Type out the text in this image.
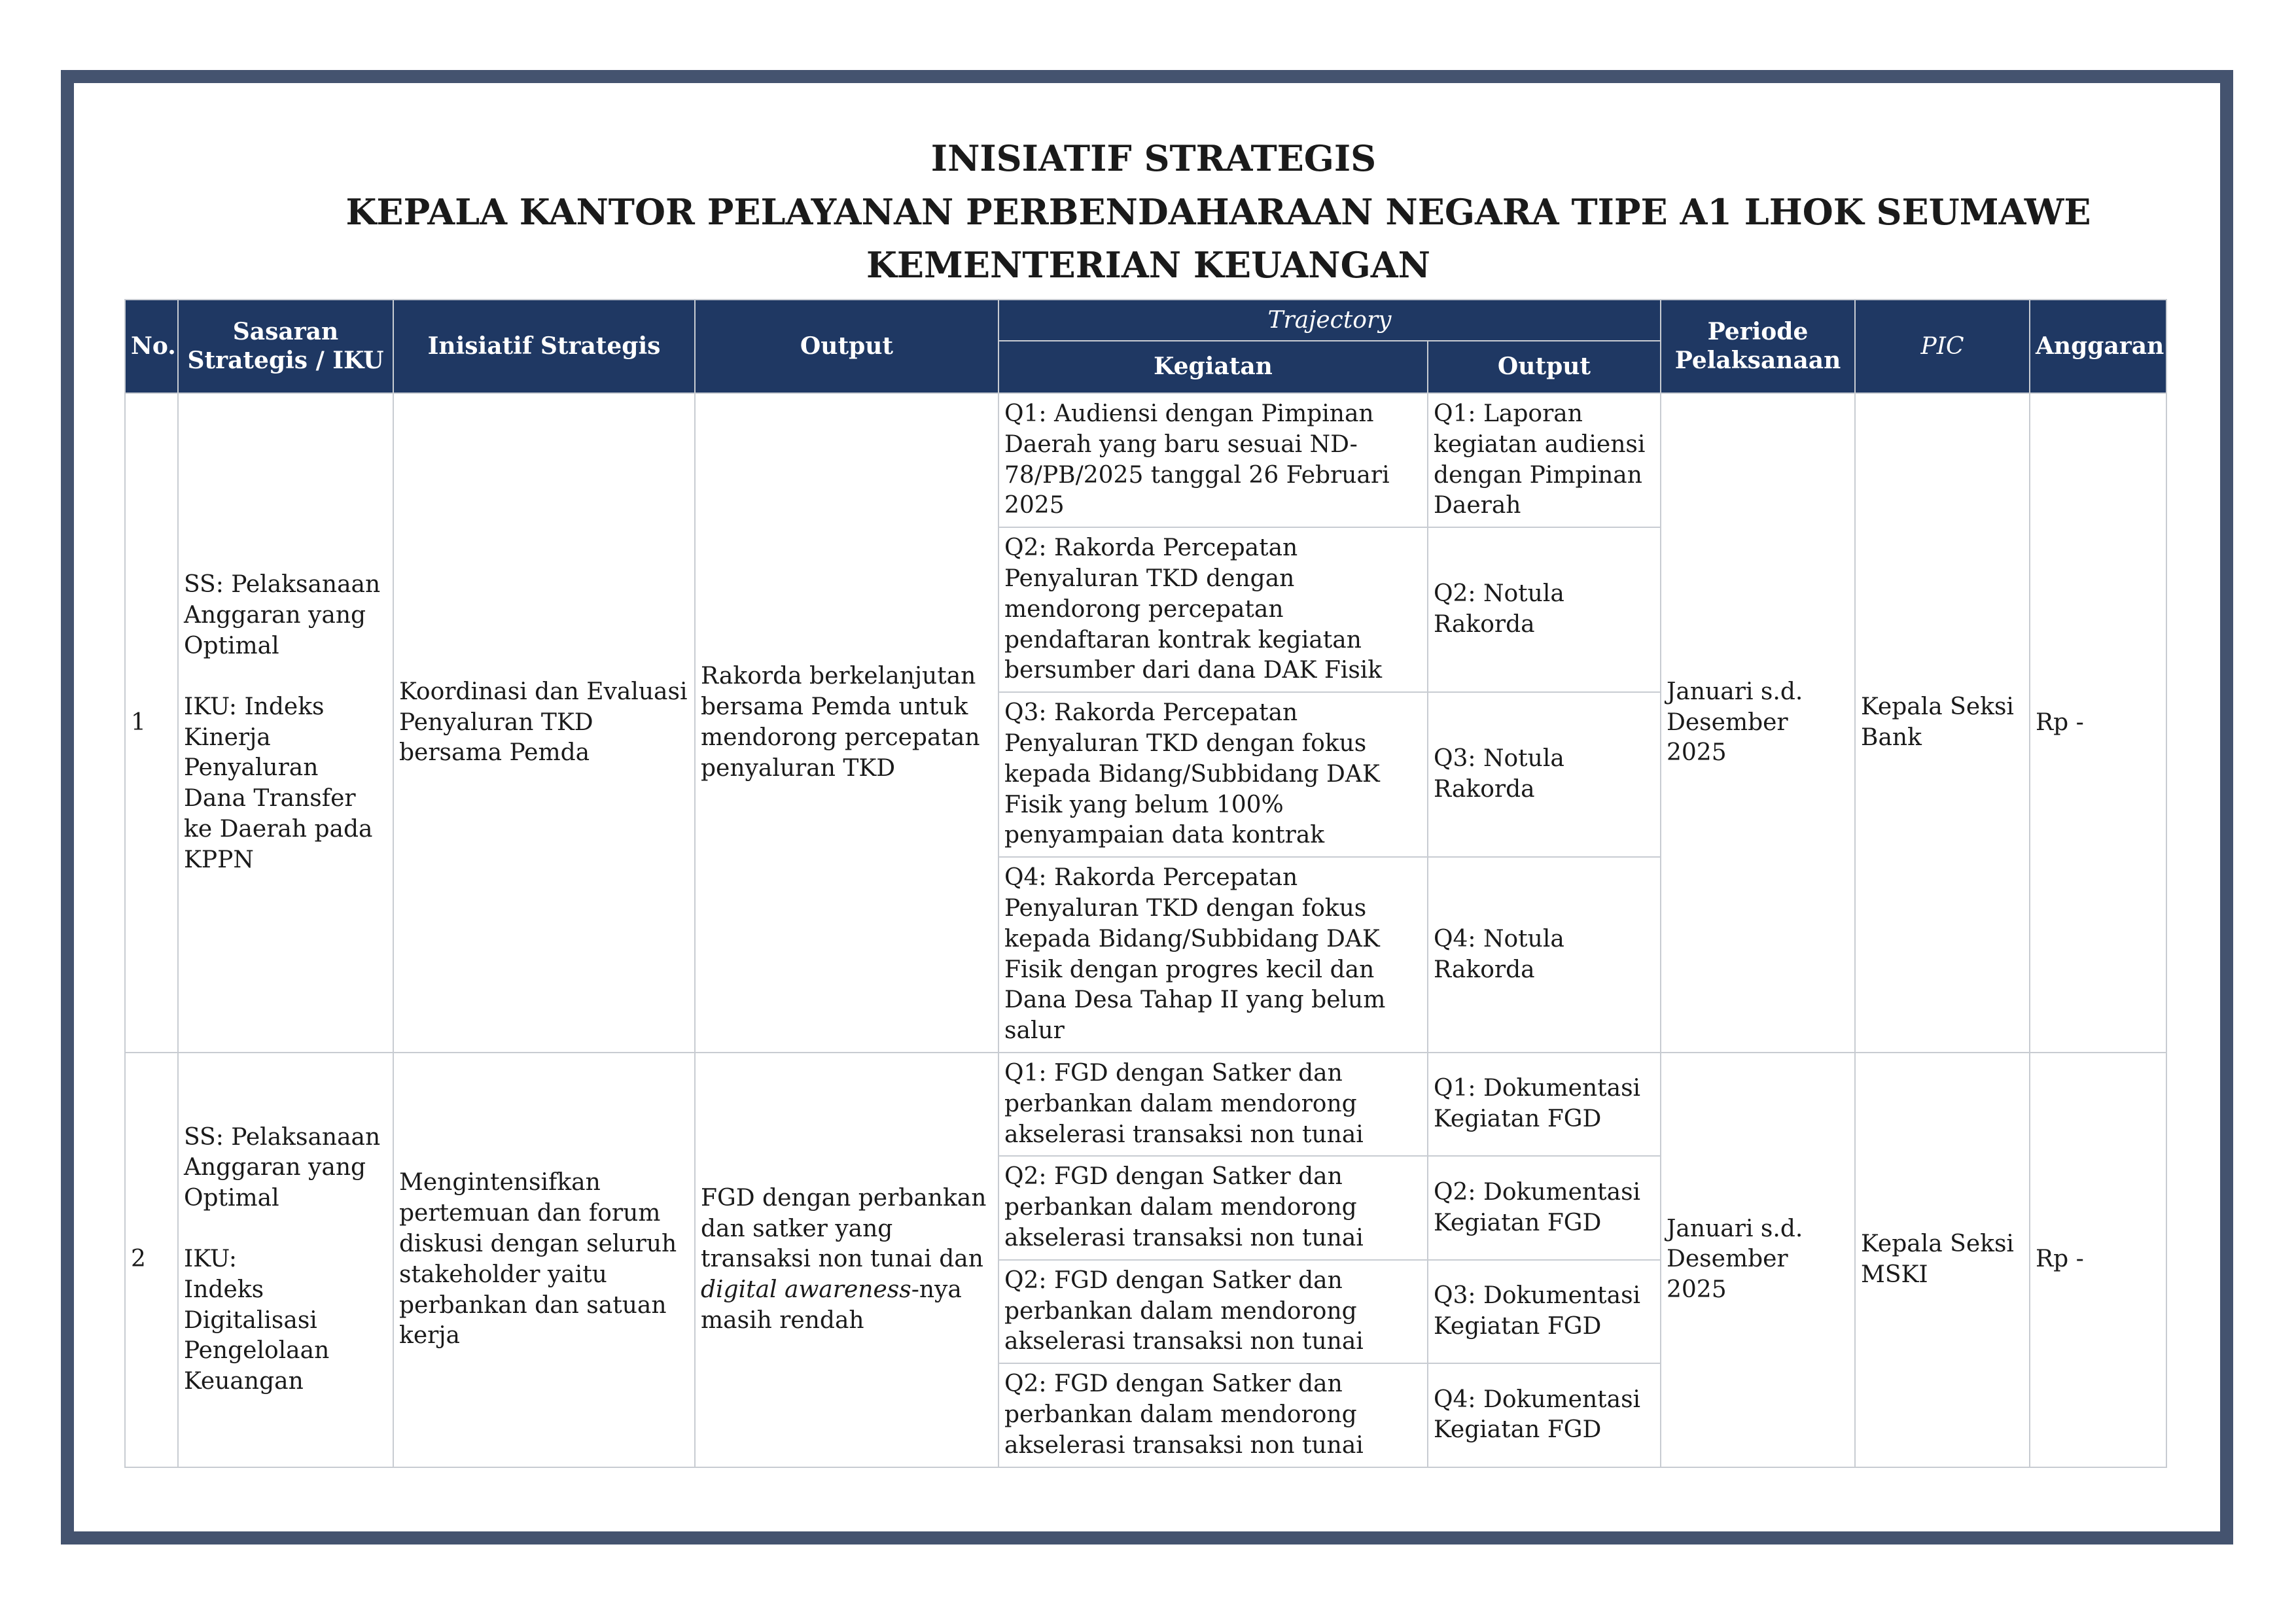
INISIATIF STRATEGIS
KEPALA KANTOR PELAYANAN PERBENDAHARAAN NEGARA TIPE A1 LHOK SEUMAWE
KEMENTERIAN KEUANGAN
No.	Sasaran Strategis / IKU	Inisiatif Strategis	Output	Trajectory		Periode Pelaksanaan	PIC	Anggaran
				Kegiatan	Output			
1	SS: Pelaksanaan Anggaran yang Optimal
IKU: Indeks Kinerja Penyaluran Dana Transfer ke Daerah pada KPPN	Koordinasi dan Evaluasi Penyaluran TKD bersama Pemda	Rakorda berkelanjutan bersama Pemda untuk mendorong percepatan penyaluran TKD	Q1: Audiensi dengan Pimpinan Daerah yang baru sesuai ND-78/PB/2025 tanggal 26 Februari 2025	Q1: Laporan kegiatan audiensi dengan Pimpinan Daerah	Januari s.d. Desember 2025	Kepala Seksi Bank	Rp -
				Q2: Rakorda Percepatan Penyaluran TKD dengan mendorong percepatan pendaftaran kontrak kegiatan bersumber dari dana DAK Fisik	Q2: Notula Rakorda			
				Q3: Rakorda Percepatan Penyaluran TKD dengan fokus kepada Bidang/Subbidang DAK Fisik yang belum 100% penyampaian data kontrak	Q3: Notula Rakorda			
				Q4: Rakorda Percepatan Penyaluran TKD dengan fokus kepada Bidang/Subbidang DAK Fisik dengan progres kecil dan Dana Desa Tahap II yang belum salur	Q4: Notula Rakorda			
2	SS: Pelaksanaan Anggaran yang Optimal
IKU:
Indeks Digitalisasi Pengelolaan Keuangan	Mengintensifkan pertemuan dan forum diskusi dengan seluruh stakeholder yaitu perbankan dan satuan kerja	FGD dengan perbankan dan satker yang transaksi non tunai dan digital awareness-nya masih rendah	Q1: FGD dengan Satker dan perbankan dalam mendorong akselerasi transaksi non tunai	Q1: Dokumentasi Kegiatan FGD	Januari s.d. Desember 2025	Kepala Seksi MSKI	Rp -
				Q2: FGD dengan Satker dan perbankan dalam mendorong akselerasi transaksi non tunai	Q2: Dokumentasi Kegiatan FGD			
				Q2: FGD dengan Satker dan perbankan dalam mendorong akselerasi transaksi non tunai	Q3: Dokumentasi Kegiatan FGD			
				Q2: FGD dengan Satker dan perbankan dalam mendorong akselerasi transaksi non tunai	Q4: Dokumentasi Kegiatan FGD			
